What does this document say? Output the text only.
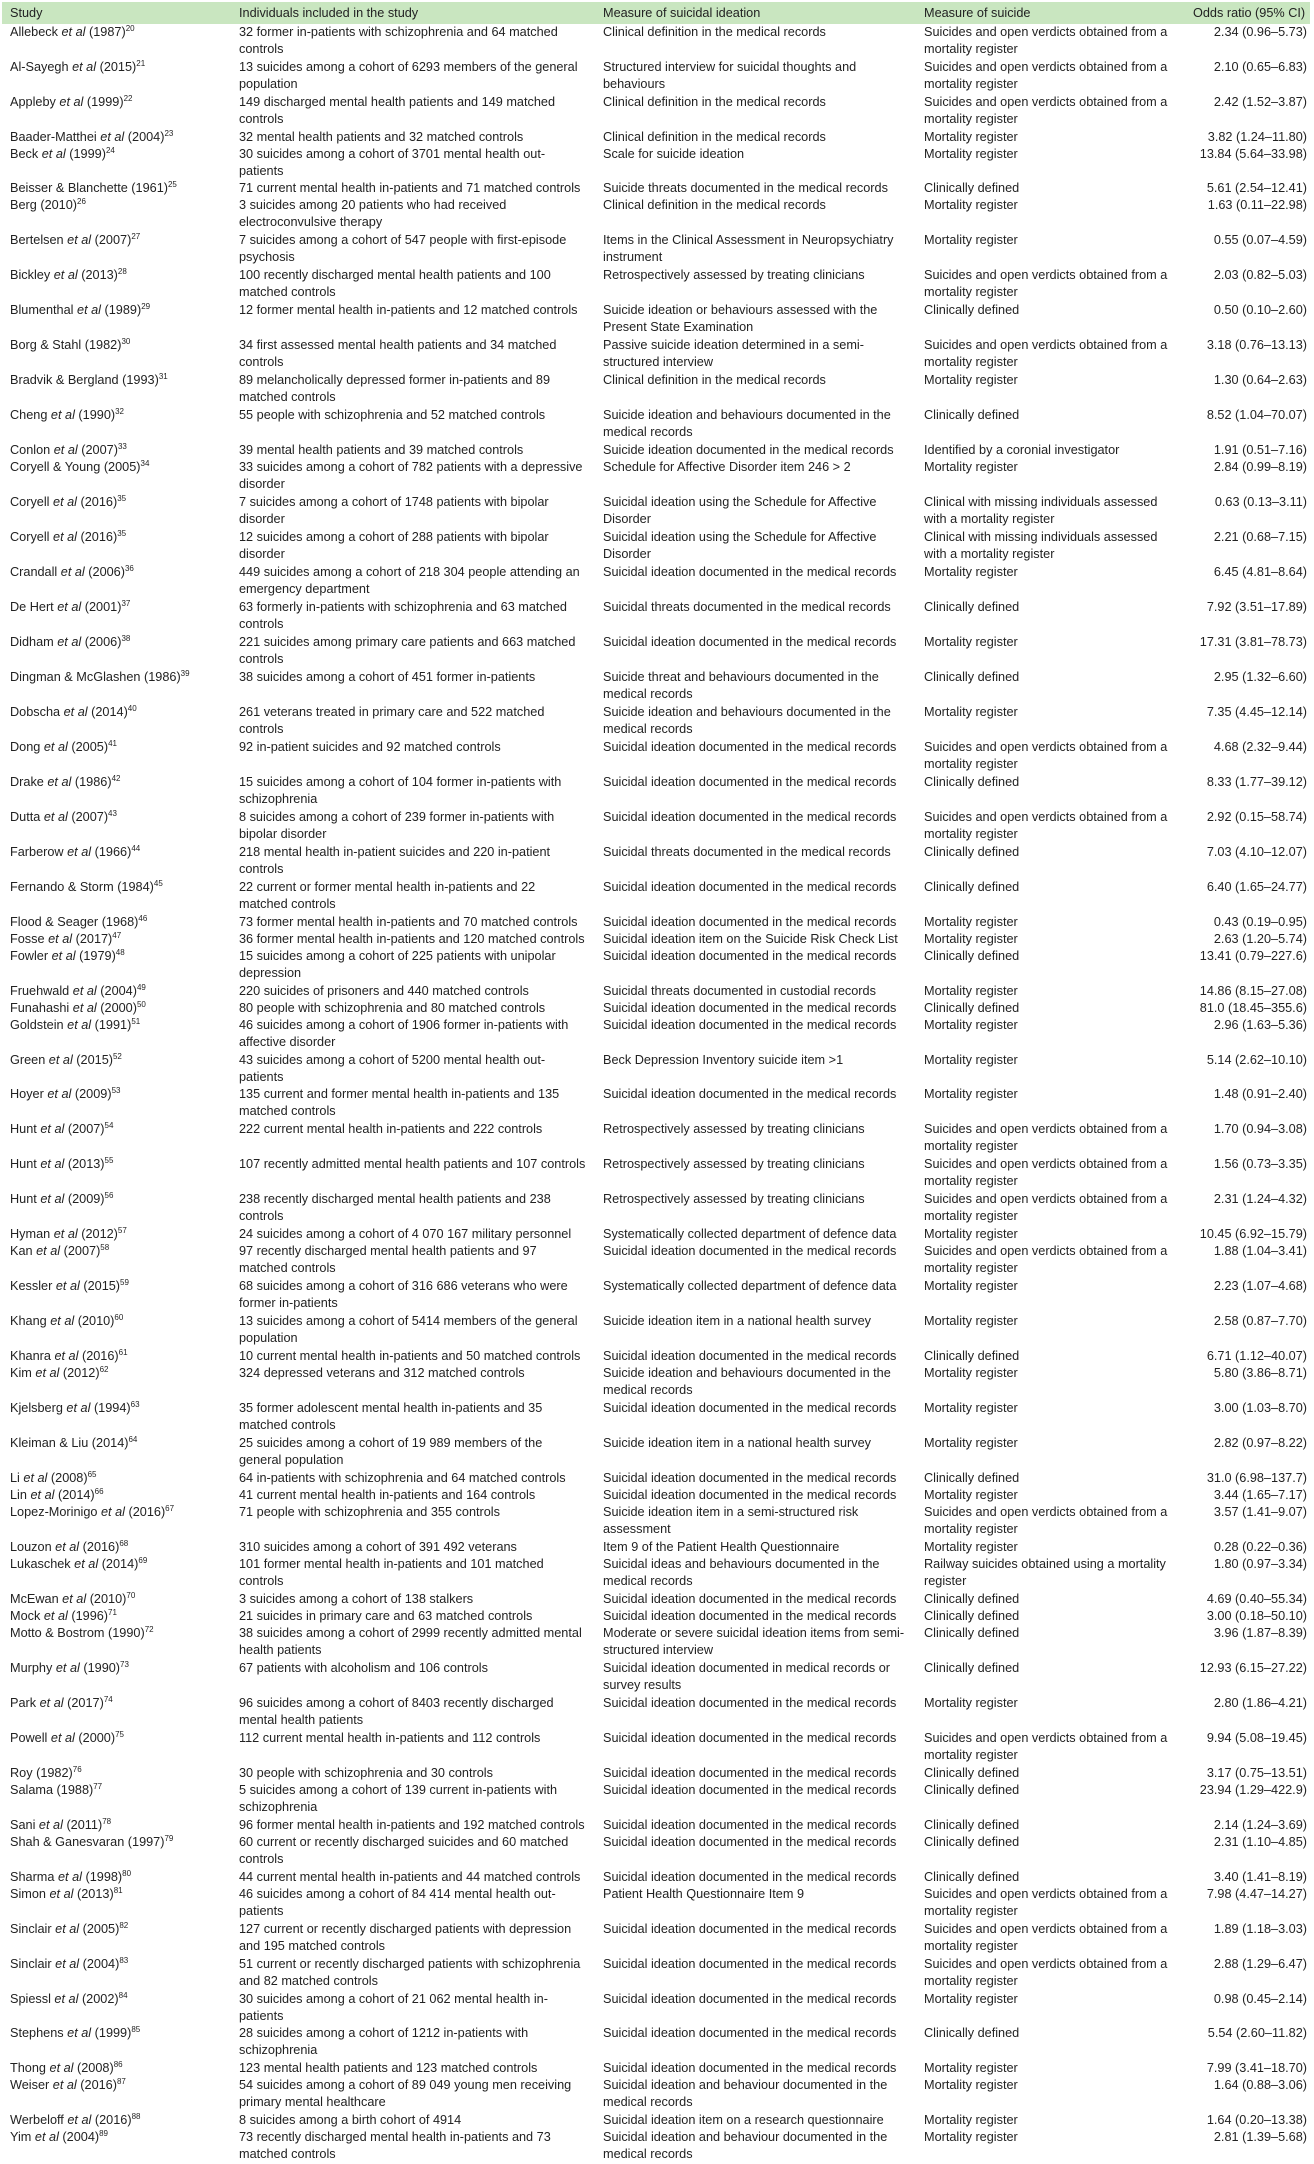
Study	Individuals included in the study	Measure of suicidal ideation	Measure of suicide	Odds ratio (95% CI)
Allebeck et al $(1987)^{20}$	32 former in-patients with schizophrenia and 64 matched controls	Clinical definition in the medical records	Suicides and open verdicts obtained from a mortality register	2.34 (0.96–5.73)
Al-Sayegh et al $(2015)^{21}$	13 suicides among a cohort of 6293 members of the general population	Structured interview for suicidal thoughts and behaviours	Suicides and open verdicts obtained from a mortality register	2.10 (0.65–6.83)
Appleby et al $(1999)^{22}$	149 discharged mental health patients and 149 matched controls	Clinical definition in the medical records	Suicides and open verdicts obtained from a mortality register	2.42 (1.52–3.87)
Baader-Matthei et al $(2004)^{23}$	32 mental health patients and 32 matched controls	Clinical definition in the medical records	Mortality register	3.82 (1.24–11.80)
Beck et al $(1999)^{24}$	30 suicides among a cohort of 3701 mental health out-patients	Scale for suicide ideation	Mortality register	13.84 (5.64–33.98)
Beisser & Blanchette $(1961)^{25}$	71 current mental health in-patients and 71 matched controls	Suicide threats documented in the medical records	Clinically defined	5.61 (2.54–12.41)
Berg $(2010)^{26}$	3 suicides among 20 patients who had received electroconvulsive therapy	Clinical definition in the medical records	Mortality register	1.63 (0.11–22.98)
Bertelsen et al $(2007)^{27}$	7 suicides among a cohort of 547 people with first-episode psychosis	Items in the Clinical Assessment in Neuropsychiatry instrument	Mortality register	0.55 (0.07–4.59)
Bickley et al $(2013)^{28}$	100 recently discharged mental health patients and 100 matched controls	Retrospectively assessed by treating clinicians	Suicides and open verdicts obtained from a mortality register	2.03 (0.82–5.03)
Blumenthal et al $(1989)^{29}$	12 former mental health in-patients and 12 matched controls	Suicide ideation or behaviours assessed with the Present State Examination	Clinically defined	0.50 (0.10–2.60)
Borg & Stahl $(1982)^{30}$	34 first assessed mental health patients and 34 matched controls	Passive suicide ideation determined in a semi-structured interview	Suicides and open verdicts obtained from a mortality register	3.18 (0.76–13.13)
Bradvik & Bergland $(1993)^{31}$	89 melancholically depressed former in-patients and 89 matched controls	Clinical definition in the medical records	Mortality register	1.30 (0.64–2.63)
Cheng et al $(1990)^{32}$	55 people with schizophrenia and 52 matched controls	Suicide ideation and behaviours documented in the medical records	Clinically defined	8.52 (1.04–70.07)
Conlon et al $(2007)^{33}$	39 mental health patients and 39 matched controls	Suicide ideation documented in the medical records	Identified by a coronial investigator	1.91 (0.51–7.16)
Coryell & Young $(2005)^{34}$	33 suicides among a cohort of 782 patients with a depressive disorder	Schedule for Affective Disorder item 246 > 2	Mortality register	2.84 (0.99–8.19)
Coryell et al $(2016)^{35}$	7 suicides among a cohort of 1748 patients with bipolar disorder	Suicidal ideation using the Schedule for Affective Disorder	Clinical with missing individuals assessed with a mortality register	0.63 (0.13–3.11)
Coryell et al $(2016)^{35}$	12 suicides among a cohort of 288 patients with bipolar disorder	Suicidal ideation using the Schedule for Affective Disorder	Clinical with missing individuals assessed with a mortality register	2.21 (0.68–7.15)
Crandall et al $(2006)^{36}$	449 suicides among a cohort of 218 304 people attending an emergency department	Suicidal ideation documented in the medical records	Mortality register	6.45 (4.81–8.64)
De Hert et al $(2001)^{37}$	63 formerly in-patients with schizophrenia and 63 matched controls	Suicidal threats documented in the medical records	Clinically defined	7.92 (3.51–17.89)
Didham et al $(2006)^{38}$	221 suicides among primary care patients and 663 matched controls	Suicidal ideation documented in the medical records	Mortality register	17.31 (3.81–78.73)
Dingman & McGlashen $(1986)^{39}$	38 suicides among a cohort of 451 former in-patients	Suicide threat and behaviours documented in the medical records	Clinically defined	2.95 (1.32–6.60)
Dobscha et al $(2014)^{40}$	261 veterans treated in primary care and 522 matched controls	Suicide ideation and behaviours documented in the medical records	Mortality register	7.35 (4.45–12.14)
Dong et al $(2005)^{41}$	92 in-patient suicides and 92 matched controls	Suicidal ideation documented in the medical records	Suicides and open verdicts obtained from a mortality register	4.68 (2.32–9.44)
Drake et al $(1986)^{42}$	15 suicides among a cohort of 104 former in-patients with schizophrenia	Suicidal ideation documented in the medical records	Clinically defined	8.33 (1.77–39.12)
Dutta et al $(2007)^{43}$	8 suicides among a cohort of 239 former in-patients with bipolar disorder	Suicidal ideation documented in the medical records	Suicides and open verdicts obtained from a mortality register	2.92 (0.15–58.74)
Farberow et al $(1966)^{44}$	218 mental health in-patient suicides and 220 in-patient controls	Suicidal threats documented in the medical records	Clinically defined	7.03 (4.10–12.07)
Fernando & Storm $(1984)^{45}$	22 current or former mental health in-patients and 22 matched controls	Suicidal ideation documented in the medical records	Clinically defined	6.40 (1.65–24.77)
Flood & Seager $(1968)^{46}$	73 former mental health in-patients and 70 matched controls	Suicidal ideation documented in the medical records	Mortality register	0.43 (0.19–0.95)
Fosse et al $(2017)^{47}$	36 former mental health in-patients and 120 matched controls	Suicidal ideation item on the Suicide Risk Check List	Mortality register	2.63 (1.20–5.74)
Fowler et al $(1979)^{48}$	15 suicides among a cohort of 225 patients with unipolar depression	Suicidal ideation documented in the medical records	Clinically defined	13.41 (0.79–227.6)
Fruehwald et al $(2004)^{49}$	220 suicides of prisoners and 440 matched controls	Suicidal threats documented in custodial records	Mortality register	14.86 (8.15–27.08)
Funahashi et al $(2000)^{50}$	80 people with schizophrenia and 80 matched controls	Suicidal ideation documented in the medical records	Clinically defined	81.0 (18.45–355.6)
Goldstein et al $(1991)^{51}$	46 suicides among a cohort of 1906 former in-patients with affective disorder	Suicidal ideation documented in the medical records	Mortality register	2.96 (1.63–5.36)
Green et al $(2015)^{52}$	43 suicides among a cohort of 5200 mental health out-patients	Beck Depression Inventory suicide item >1	Mortality register	5.14 (2.62–10.10)
Hoyer et al $(2009)^{53}$	135 current and former mental health in-patients and 135 matched controls	Suicidal ideation documented in the medical records	Mortality register	1.48 (0.91–2.40)
Hunt et al $(2007)^{54}$	222 current mental health in-patients and 222 controls	Retrospectively assessed by treating clinicians	Suicides and open verdicts obtained from a mortality register	1.70 (0.94–3.08)
Hunt et al $(2013)^{55}$	107 recently admitted mental health patients and 107 controls	Retrospectively assessed by treating clinicians	Suicides and open verdicts obtained from a mortality register	1.56 (0.73–3.35)
Hunt et al $(2009)^{56}$	238 recently discharged mental health patients and 238 controls	Retrospectively assessed by treating clinicians	Suicides and open verdicts obtained from a mortality register	2.31 (1.24–4.32)
Hyman et al $(2012)^{57}$	24 suicides among a cohort of 4 070 167 military personnel	Systematically collected department of defence data	Mortality register	10.45 (6.92–15.79)
Kan et al $(2007)^{58}$	97 recently discharged mental health patients and 97 matched controls	Suicidal ideation documented in the medical records	Suicides and open verdicts obtained from a mortality register	1.88 (1.04–3.41)
Kessler et al $(2015)^{59}$	68 suicides among a cohort of 316 686 veterans who were former in-patients	Systematically collected department of defence data	Mortality register	2.23 (1.07–4.68)
Khang et al $(2010)^{60}$	13 suicides among a cohort of 5414 members of the general population	Suicide ideation item in a national health survey	Mortality register	2.58 (0.87–7.70)
Khanra et al $(2016)^{61}$	10 current mental health in-patients and 50 matched controls	Suicidal ideation documented in the medical records	Clinically defined	6.71 (1.12–40.07)
Kim et al $(2012)^{62}$	324 depressed veterans and 312 matched controls	Suicide ideation and behaviours documented in the medical records	Mortality register	5.80 (3.86–8.71)
Kjelsberg et al $(1994)^{63}$	35 former adolescent mental health in-patients and 35 matched controls	Suicidal ideation documented in the medical records	Mortality register	3.00 (1.03–8.70)
Kleiman & Liu $(2014)^{64}$	25 suicides among a cohort of 19 989 members of the general population	Suicide ideation item in a national health survey	Mortality register	2.82 (0.97–8.22)
Li et al $(2008)^{65}$	64 in-patients with schizophrenia and 64 matched controls	Suicidal ideation documented in the medical records	Clinically defined	31.0 (6.98–137.7)
Lin et al $(2014)^{66}$	41 current mental health in-patients and 164 controls	Suicidal ideation documented in the medical records	Mortality register	3.44 (1.65–7.17)
Lopez-Morinigo et al $(2016)^{67}$	71 people with schizophrenia and 355 controls	Suicide ideation item in a semi-structured risk assessment	Suicides and open verdicts obtained from a mortality register	3.57 (1.41–9.07)
Louzon et al $(2016)^{68}$	310 suicides among a cohort of 391 492 veterans	Item 9 of the Patient Health Questionnaire	Mortality register	0.28 (0.22–0.36)
Lukaschek et al $(2014)^{69}$	101 former mental health in-patients and 101 matched controls	Suicidal ideas and behaviours documented in the medical records	Railway suicides obtained using a mortality register	1.80 (0.97–3.34)
McEwan et al $(2010)^{70}$	3 suicides among a cohort of 138 stalkers	Suicidal ideation documented in the medical records	Clinically defined	4.69 (0.40–55.34)
Mock et al $(1996)^{71}$	21 suicides in primary care and 63 matched controls	Suicidal ideation documented in the medical records	Clinically defined	3.00 (0.18–50.10)
Motto & Bostrom $(1990)^{72}$	38 suicides among a cohort of 2999 recently admitted mental health patients	Moderate or severe suicidal ideation items from semi-structured interview	Clinically defined	3.96 (1.87–8.39)
Murphy et al $(1990)^{73}$	67 patients with alcoholism and 106 controls	Suicidal ideation documented in medical records or survey results	Clinically defined	12.93 (6.15–27.22)
Park et al $(2017)^{74}$	96 suicides among a cohort of 8403 recently discharged mental health patients	Suicidal ideation documented in the medical records	Mortality register	2.80 (1.86–4.21)
Powell et al $(2000)^{75}$	112 current mental health in-patients and 112 controls	Suicidal ideation documented in the medical records	Suicides and open verdicts obtained from a mortality register	9.94 (5.08–19.45)
Roy $(1982)^{76}$	30 people with schizophrenia and 30 controls	Suicidal ideation documented in the medical records	Clinically defined	3.17 (0.75–13.51)
Salama $(1988)^{77}$	5 suicides among a cohort of 139 current in-patients with schizophrenia	Suicidal ideation documented in the medical records	Clinically defined	23.94 (1.29–422.9)
Sani et al $(2011)^{78}$	96 former mental health in-patients and 192 matched controls	Suicidal ideation documented in the medical records	Clinically defined	2.14 (1.24–3.69)
Shah & Ganesvaran $(1997)^{79}$	60 current or recently discharged suicides and 60 matched controls	Suicidal ideation documented in the medical records	Clinically defined	2.31 (1.10–4.85)
Sharma et al $(1998)^{80}$	44 current mental health in-patients and 44 matched controls	Suicidal ideation documented in the medical records	Clinically defined	3.40 (1.41–8.19)
Simon et al $(2013)^{81}$	46 suicides among a cohort of 84 414 mental health out-patients	Patient Health Questionnaire Item 9	Suicides and open verdicts obtained from a mortality register	7.98 (4.47–14.27)
Sinclair et al $(2005)^{82}$	127 current or recently discharged patients with depression and 195 matched controls	Suicidal ideation documented in the medical records	Suicides and open verdicts obtained from a mortality register	1.89 (1.18–3.03)
Sinclair et al $(2004)^{83}$	51 current or recently discharged patients with schizophrenia and 82 matched controls	Suicidal ideation documented in the medical records	Suicides and open verdicts obtained from a mortality register	2.88 (1.29–6.47)
Spiessl et al $(2002)^{84}$	30 suicides among a cohort of 21 062 mental health in-patients	Suicidal ideation documented in the medical records	Mortality register	0.98 (0.45–2.14)
Stephens et al $(1999)^{85}$	28 suicides among a cohort of 1212 in-patients with schizophrenia	Suicidal ideation documented in the medical records	Clinically defined	5.54 (2.60–11.82)
Thong et al $(2008)^{86}$	123 mental health patients and 123 matched controls	Suicidal ideation documented in the medical records	Mortality register	7.99 (3.41–18.70)
Weiser et al $(2016)^{87}$	54 suicides among a cohort of 89 049 young men receiving primary mental healthcare	Suicidal ideation and behaviour documented in the medical records	Mortality register	1.64 (0.88–3.06)
Werbeloff et al $(2016)^{88}$	8 suicides among a birth cohort of 4914	Suicidal ideation item on a research questionnaire	Mortality register	1.64 (0.20–13.38)
Yim et al $(2004)^{89}$	73 recently discharged mental health in-patients and 73 matched controls	Suicidal ideation and behaviour documented in the medical records	Mortality register	2.81 (1.39–5.68)
